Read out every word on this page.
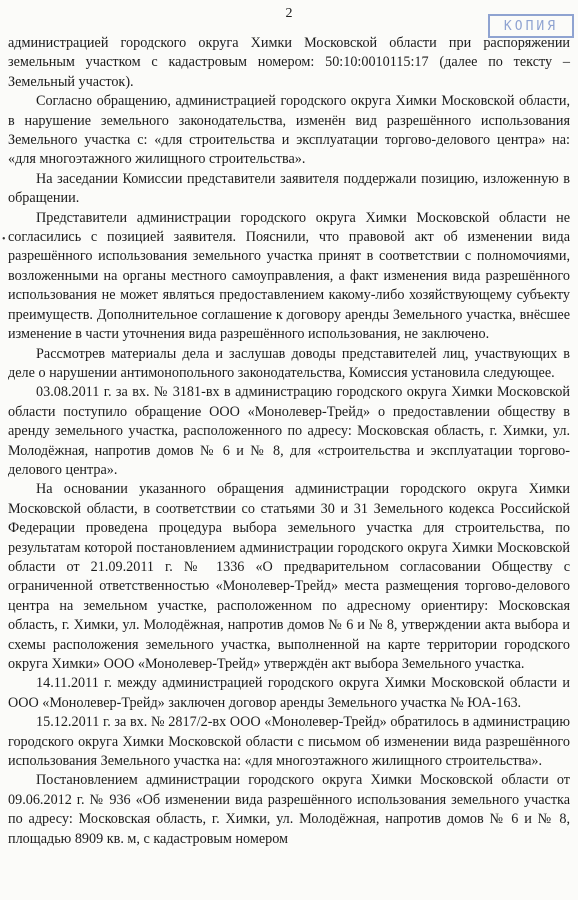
2
КОПИЯ
•

администрацией городского округа Химки Московской области при распоряжении земельным участком с кадастровым номером: 50:10:0010115:17 (далее по тексту – Земельный участок).

Согласно обращению, администрацией городского округа Химки Московской области, в нарушение земельного законодательства, изменён вид разрешённого использования Земельного участка с: «для строительства и эксплуатации торгово-делового центра» на: «для многоэтажного жилищного строительства».

На заседании Комиссии представители заявителя поддержали позицию, изложенную в обращении.

Представители администрации городского округа Химки Московской области не согласились с позицией заявителя. Пояснили, что правовой акт об изменении вида разрешённого использования земельного участка принят в соответствии с полномочиями, возложенными на органы местного самоуправления, а факт изменения вида разрешённого использования не может являться предоставлением какому-либо хозяйствующему субъекту преимуществ. Дополнительное соглашение к договору аренды Земельного участка, внёсшее изменение в части уточнения вида разрешённого использования, не заключено.

Рассмотрев материалы дела и заслушав доводы представителей лиц, участвующих в деле о нарушении антимонопольного законодательства, Комиссия установила следующее.

03.08.2011 г. за вх. № 3181-вх в администрацию городского округа Химки Московской области поступило обращение ООО «Монолевер-Трейд» о предоставлении обществу в аренду земельного участка, расположенного по адресу: Московская область, г. Химки, ул. Молодёжная, напротив домов № 6 и № 8, для «строительства и эксплуатации торгово-делового центра».

На основании указанного обращения администрации городского округа Химки Московской области, в соответствии со статьями 30 и 31 Земельного кодекса Российской Федерации проведена процедура выбора земельного участка для строительства, по результатам которой постановлением администрации городского округа Химки Московской области от 21.09.2011 г. № 1336 «О предварительном согласовании Обществу с ограниченной ответственностью «Монолевер-Трейд» места размещения торгово-делового центра на земельном участке, расположенном по адресному ориентиру: Московская область, г. Химки, ул. Молодёжная, напротив домов № 6 и № 8, утверждении акта выбора и схемы расположения земельного участка, выполненной на карте территории городского округа Химки» ООО «Монолевер-Трейд» утверждён акт выбора Земельного участка.

14.11.2011 г. между администрацией городского округа Химки Московской области и ООО «Монолевер-Трейд» заключен договор аренды Земельного участка № ЮА-163.

15.12.2011 г. за вх. № 2817/2-вх ООО «Монолевер-Трейд» обратилось в администрацию городского округа Химки Московской области с письмом об изменении вида разрешённого использования Земельного участка на: «для многоэтажного жилищного строительства».

Постановлением администрации городского округа Химки Московской области от 09.06.2012 г. № 936 «Об изменении вида разрешённого использования земельного участка по адресу: Московская область, г. Химки, ул. Молодёжная, напротив домов № 6 и № 8, площадью 8909 кв. м, с кадастровым номером
